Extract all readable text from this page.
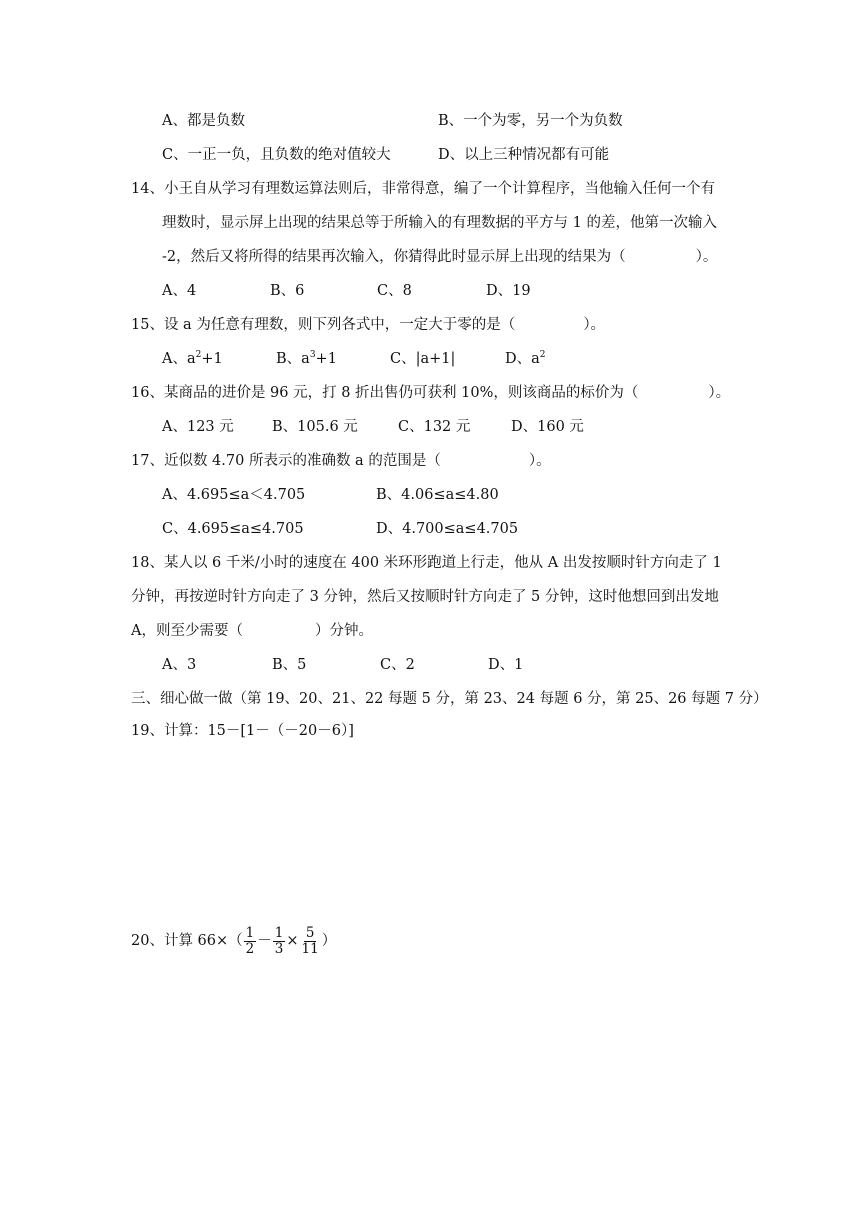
A、都是负数	B、一个为零，另一个为负数
C、一正一负，且负数的绝对值较大	D、以上三种情况都有可能
14、小王自从学习有理数运算法则后，非常得意，编了一个计算程序，当他输入任何一个有
理数时，显示屏上出现的结果总等于所输入的有理数据的平方与 1 的差，他第一次输入
-2，然后又将所得的结果再次输入，你猜得此时显示屏上出现的结果为（	）。
A、4	B、6	C、8	D、19
15、设 a 为任意有理数，则下列各式中，一定大于零的是（	）。
A、$a^2+1$	B、$a^3+1$	C、|a+1|	D、$a^2$
16、某商品的进价是 96 元，打 8 折出售仍可获利 10%，则该商品的标价为（	）。
A、123 元	B、105.6 元	C、132 元	D、160 元
17、近似数 4.70 所表示的准确数 a 的范围是（	）。
A、4.695≤a＜4.705	B、4.06≤a≤4.80
C、4.695≤a≤4.705	D、4.700≤a≤4.705
18、某人以 6 千米/小时的速度在 400 米环形跑道上行走，他从 A 出发按顺时针方向走了 1
分钟，再按逆时针方向走了 3 分钟，然后又按顺时针方向走了 5 分钟，这时他想回到出发地
A，则至少需要（	）分钟。
A、3	B、5	C、2	D、1
三、细心做一做（第 19、20、21、22 每题 5 分，第 23、24 每题 6 分，第 25、26 每题 7 分）
19、计算：15－[1－（－20－6）]
20、计算 $66\times( \frac{1}{2} - \frac{1}{3} \times \frac{5}{11}$ ）
